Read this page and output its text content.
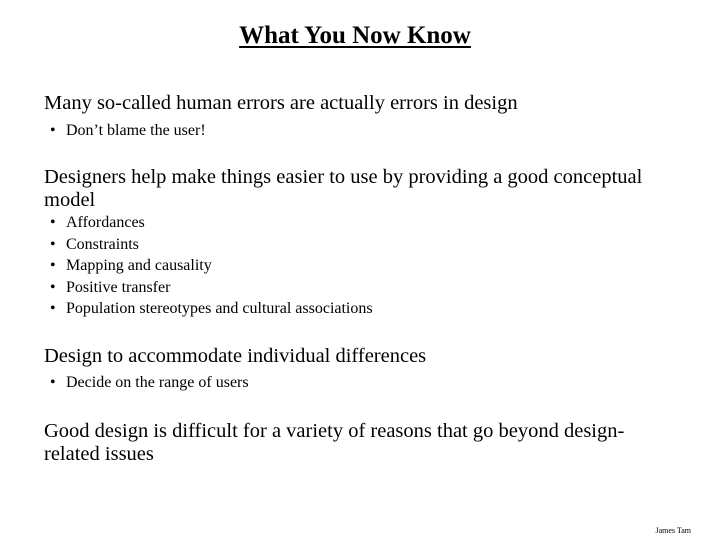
What You Now Know
Many so-called human errors are actually errors in design
• Don’t blame the user!
Designers help make things easier to use by providing a good conceptual model
• Affordances
• Constraints
• Mapping and causality
• Positive transfer
• Population stereotypes and cultural associations
Design to accommodate individual differences
• Decide on the range of users
Good design is difficult for a variety of reasons that go beyond design-related issues
James Tam
